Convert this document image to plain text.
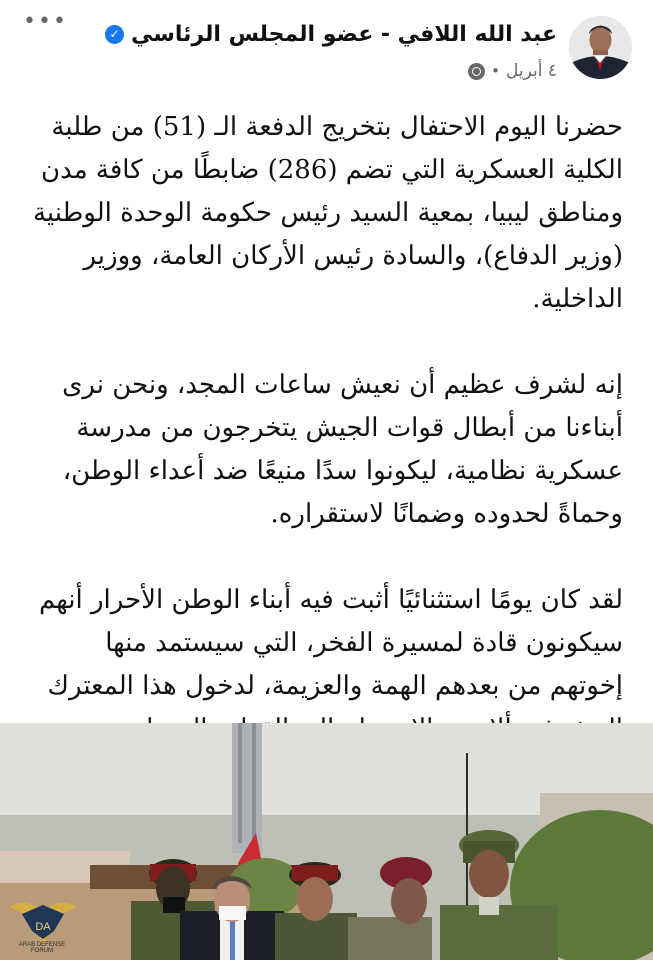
عبد الله اللافي - عضو المجلس الرئاسي
✓
٤ أبريل
•
•••

حضرنا اليوم الاحتفال بتخريج الدفعة الـ (51) من طلبة الكلية العسكرية التي تضم (286) ضابطًا من كافة مدن ومناطق ليبيا، بمعية السيد رئيس حكومة الوحدة الوطنية (وزير الدفاع)، والسادة رئيس الأركان العامة، ووزير الداخلية.

إنه لشرف عظيم أن نعيش ساعات المجد، ونحن نرى أبناءنا من أبطال قوات الجيش يتخرجون من مدرسة عسكرية نظامية، ليكونوا سدًا منيعًا ضد أعداء الوطن، وحماةً لحدوده وضمانًا لاستقراره.

لقد كان يومًا استثنائيًا أثبت فيه أبناء الوطن الأحرار أنهم سيكونون قادة لمسيرة الفخر، التي سيستمد منها إخوتهم من بعدهم الهمة والعزيمة، لدخول هذا المعترك

DA
ARAB DEFENSE FORUM
